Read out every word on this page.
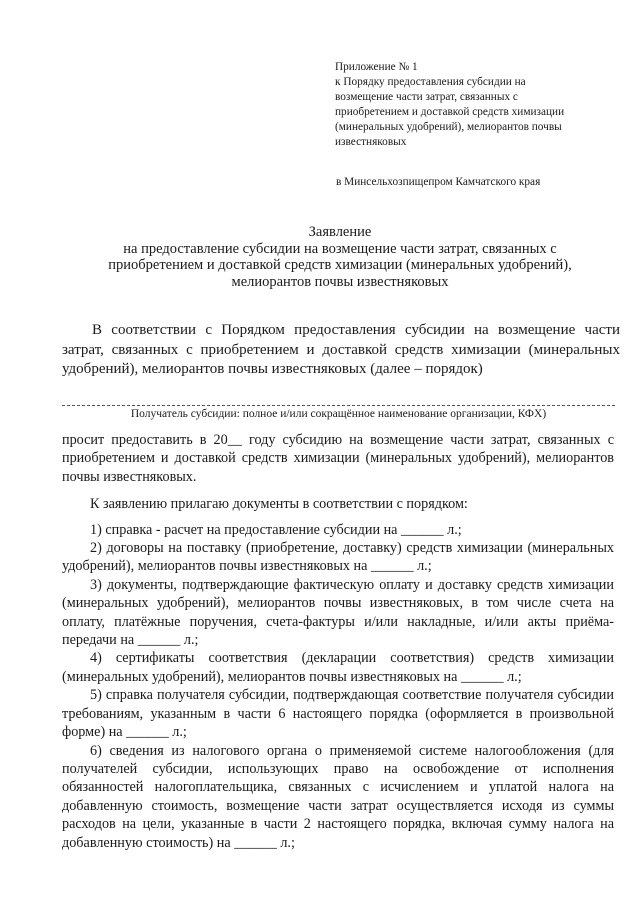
Приложение № 1
к Порядку предоставления субсидии на
возмещение части затрат, связанных с
приобретением и доставкой средств химизации
(минеральных удобрений), мелиорантов почвы
известняковых
в Минсельхозпищепром Камчатского края
Заявление
на предоставление субсидии на возмещение части затрат, связанных с
приобретением и доставкой средств химизации (минеральных удобрений),
мелиорантов почвы известняковых

В соответствии с Порядком предоставления субсидии на возмещение части затрат, связанных с приобретением и доставкой средств химизации (минеральных удобрений), мелиорантов почвы известняковых (далее – порядок)

Получатель субсидии: полное и/или сокращённое наименование организации, КФХ)

просит предоставить в 20__ году субсидию на возмещение части затрат, связанных с приобретением и доставкой средств химизации (минеральных удобрений), мелиорантов почвы известняковых.

К заявлению прилагаю документы в соответствии с порядком:

1) справка - расчет на предоставление субсидии на ______ л.;

2) договоры на поставку (приобретение, доставку) средств химизации (минеральных удобрений), мелиорантов почвы известняковых на ______ л.;

3) документы, подтверждающие фактическую оплату и доставку средств химизации (минеральных удобрений), мелиорантов почвы известняковых, в том числе счета на оплату, платёжные поручения, счета-фактуры и/или накладные, и/или акты приёма-передачи на ______ л.;

4) сертификаты соответствия (декларации соответствия) средств химизации (минеральных удобрений), мелиорантов почвы известняковых на ______ л.;

5) справка получателя субсидии, подтверждающая соответствие получателя субсидии требованиям, указанным в части 6 настоящего порядка (оформляется в произвольной форме) на ______ л.;

6) сведения из налогового органа о применяемой системе налогообложения (для получателей субсидии, использующих право на освобождение от исполнения обязанностей налогоплательщика, связанных с исчислением и уплатой налога на добавленную стоимость, возмещение части затрат осуществляется исходя из суммы расходов на цели, указанные в части 2 настоящего порядка, включая сумму налога на добавленную стоимость) на ______ л.;
